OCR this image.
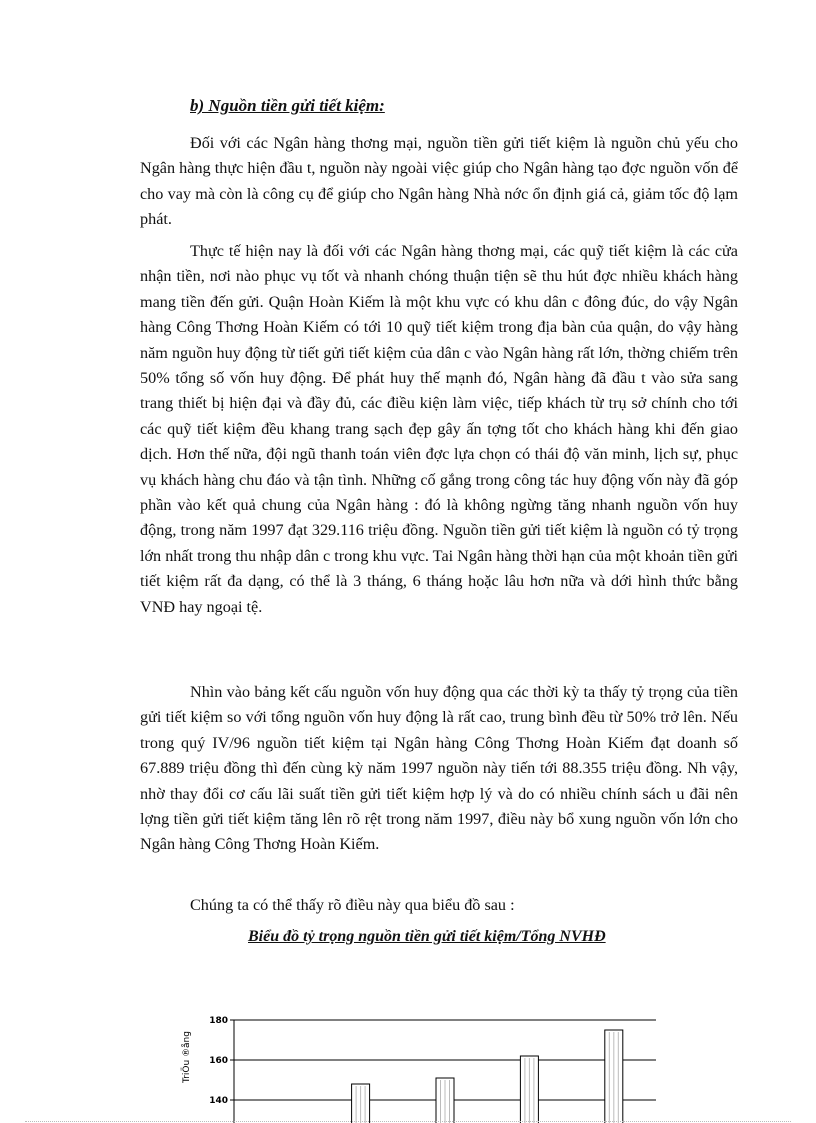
b) Nguồn tiền gửi tiết kiệm:

Đối với các Ngân hàng thơng mại, nguồn tiền gửi tiết kiệm là nguồn chủ yếu cho Ngân hàng thực hiện đầu t, nguồn này ngoài việc giúp cho Ngân hàng tạo đợc nguồn vốn để cho vay mà còn là công cụ để giúp cho Ngân hàng Nhà nớc ổn định giá cả, giảm tốc độ lạm phát.

Thực tế hiện nay là đối với các Ngân hàng thơng mại, các quỹ tiết kiệm là các cửa nhận tiền, nơi nào phục vụ tốt và nhanh chóng thuận tiện sẽ thu hút đợc nhiều khách hàng mang tiền đến gửi. Quận Hoàn Kiếm là một khu vực có khu dân c đông đúc, do vậy Ngân hàng Công Thơng Hoàn Kiếm có tới 10 quỹ tiết kiệm trong địa bàn của quận, do vậy hàng năm nguồn huy động từ tiết gửi tiết kiệm của dân c vào Ngân hàng rất lớn, thờng chiếm trên 50% tổng số vốn huy động. Để phát huy thế mạnh đó, Ngân hàng đã đầu t vào sửa sang trang thiết bị hiện đại và đầy đủ, các điều kiện làm việc, tiếp khách từ trụ sở chính cho tới các quỹ tiết kiệm đều khang trang sạch đẹp gây ấn tợng tốt cho khách hàng khi đến giao dịch. Hơn thế nữa, đội ngũ thanh toán viên đợc lựa chọn có thái độ văn minh, lịch sự, phục vụ khách hàng chu đáo và tận tình. Những cố gắng trong công tác huy động vốn này đã góp phần vào kết quả chung của Ngân hàng : đó là không ngừng tăng nhanh nguồn vốn huy động, trong năm 1997 đạt 329.116 triệu đồng. Nguồn tiền gửi tiết kiệm là nguồn có tỷ trọng lớn nhất trong thu nhập dân c trong khu vực. Tai Ngân hàng thời hạn của một khoản tiền gửi tiết kiệm rất đa dạng, có thể là 3 tháng, 6 tháng hoặc lâu hơn nữa và dới hình thức bằng VNĐ hay ngoại tệ.

Nhìn vào bảng kết cấu nguồn vốn huy động qua các thời kỳ ta thấy tỷ trọng của tiền gửi tiết kiệm so với tổng nguồn vốn huy động là rất cao, trung bình đều từ 50% trở lên. Nếu trong quý IV/96 nguồn tiết kiệm tại Ngân hàng Công Thơng Hoàn Kiếm đạt doanh số 67.889 triệu đồng thì đến cùng kỳ năm 1997 nguồn này tiến tới 88.355 triệu đồng. Nh vậy, nhờ thay đổi cơ cấu lãi suất tiền gửi tiết kiệm hợp lý và do có nhiều chính sách u đãi nên lợng tiền gửi tiết kiệm tăng lên rõ rệt trong năm 1997, điều này bổ xung nguồn vốn lớn cho Ngân hàng Công Thơng Hoàn Kiếm.

Chúng ta có thể thấy rõ điều này qua biểu đồ sau :

Biểu đồ tỷ trọng nguồn tiền gửi tiết kiệm/Tổng NVHĐ

TriÖu ®ång
140
160
180
